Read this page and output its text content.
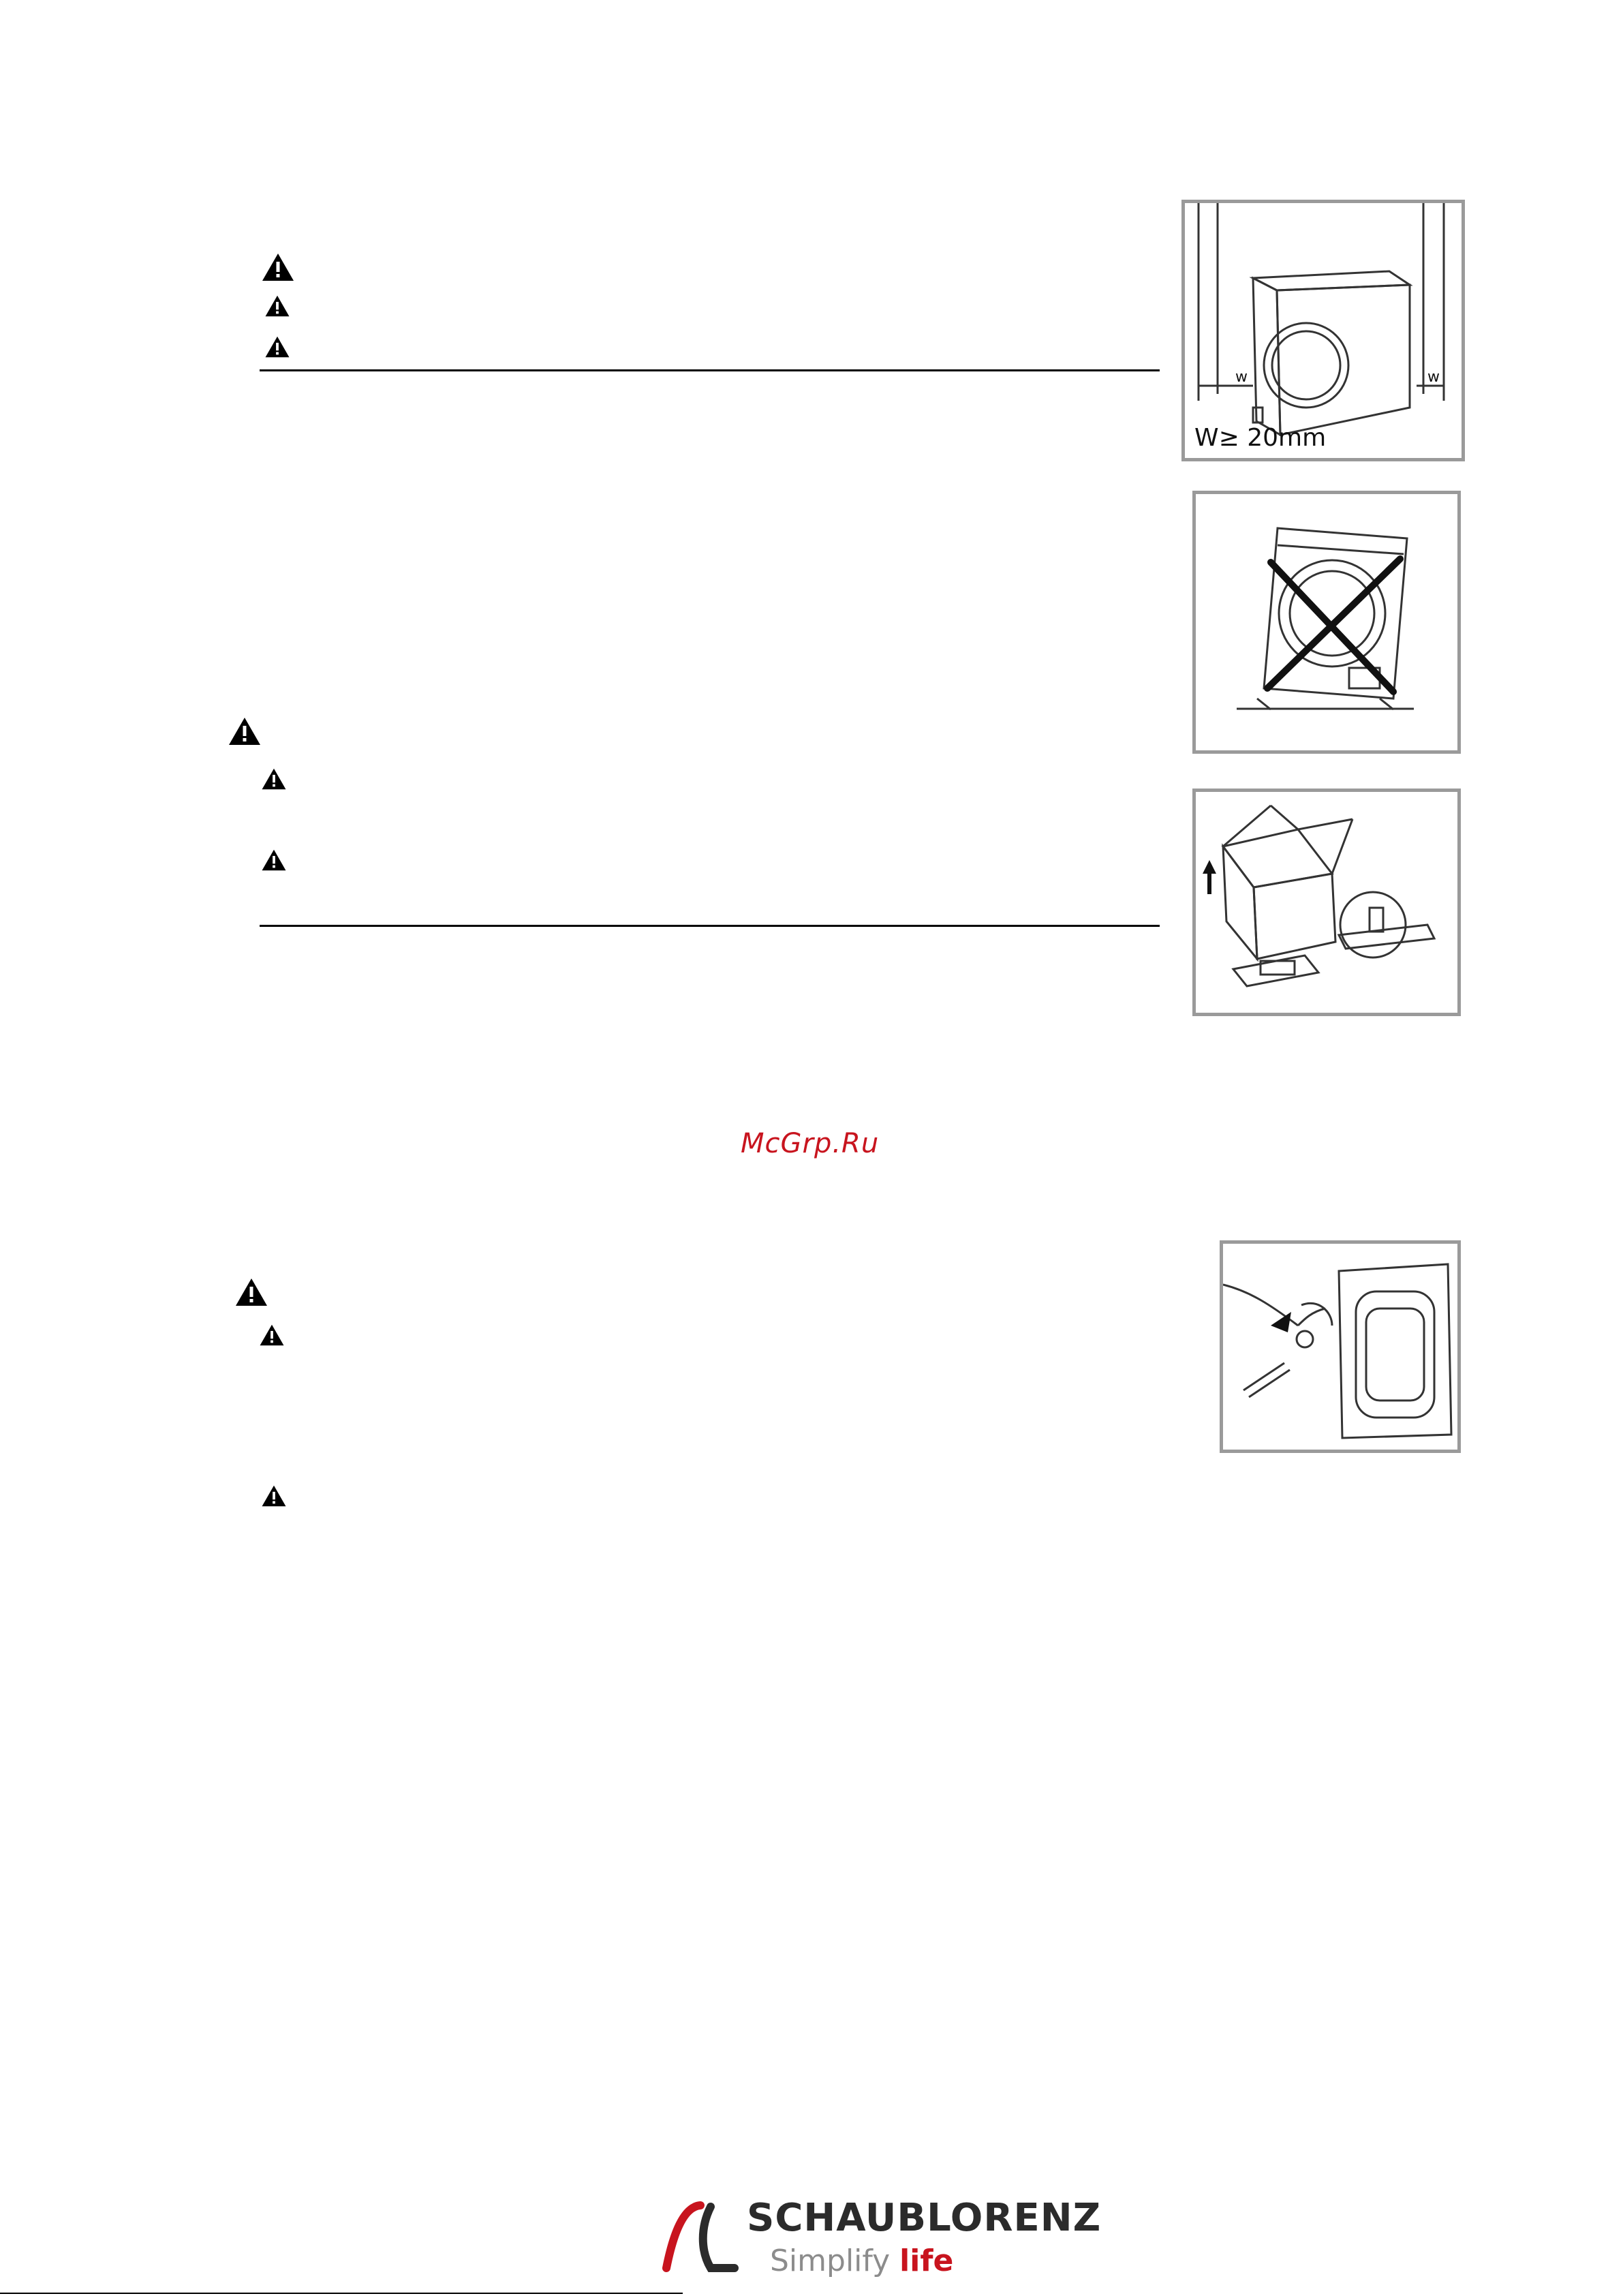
w	w
W≥ 20mm
McGrp.Ru
SCHAUBLORENZ
Simplify life
